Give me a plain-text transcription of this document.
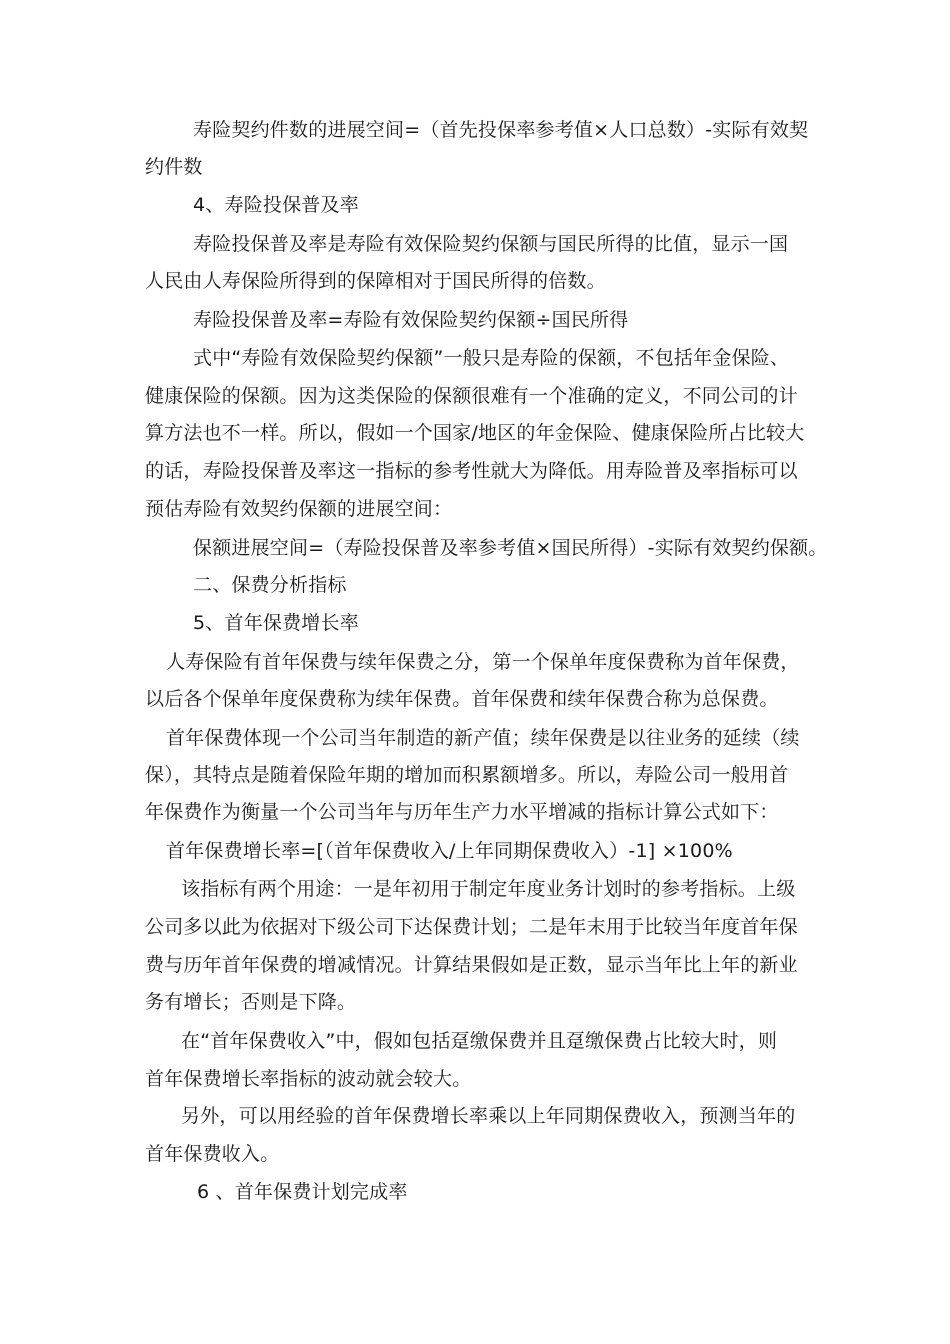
寿险契约件数的进展空间=（首先投保率参考值×人口总数）-实际有效契
约件数
4、寿险投保普及率
寿险投保普及率是寿险有效保险契约保额与国民所得的比值，显示一国
人民由人寿保险所得到的保障相对于国民所得的倍数。
寿险投保普及率=寿险有效保险契约保额÷国民所得
式中“寿险有效保险契约保额”一般只是寿险的保额，不包括年金保险、
健康保险的保额。因为这类保险的保额很难有一个准确的定义，不同公司的计
算方法也不一样。所以，假如一个国家/地区的年金保险、健康保险所占比较大
的话，寿险投保普及率这一指标的参考性就大为降低。用寿险普及率指标可以
预估寿险有效契约保额的进展空间：
保额进展空间=（寿险投保普及率参考值×国民所得）-实际有效契约保额。
二、保费分析指标
5、首年保费增长率
人寿保险有首年保费与续年保费之分，第一个保单年度保费称为首年保费，
以后各个保单年度保费称为续年保费。首年保费和续年保费合称为总保费。
首年保费体现一个公司当年制造的新产值；续年保费是以往业务的延续（续
保），其特点是随着保险年期的增加而积累额增多。所以，寿险公司一般用首
年保费作为衡量一个公司当年与历年生产力水平增减的指标计算公式如下：
首年保费增长率=[（首年保费收入/上年同期保费收入）-1] ×100%
该指标有两个用途：一是年初用于制定年度业务计划时的参考指标。上级
公司多以此为依据对下级公司下达保费计划；二是年末用于比较当年度首年保
费与历年首年保费的增减情况。计算结果假如是正数，显示当年比上年的新业
务有增长；否则是下降。
在“首年保费收入”中，假如包括趸缴保费并且趸缴保费占比较大时，则
首年保费增长率指标的波动就会较大。
另外，可以用经验的首年保费增长率乘以上年同期保费收入，预测当年的
首年保费收入。
6 、首年保费计划完成率
